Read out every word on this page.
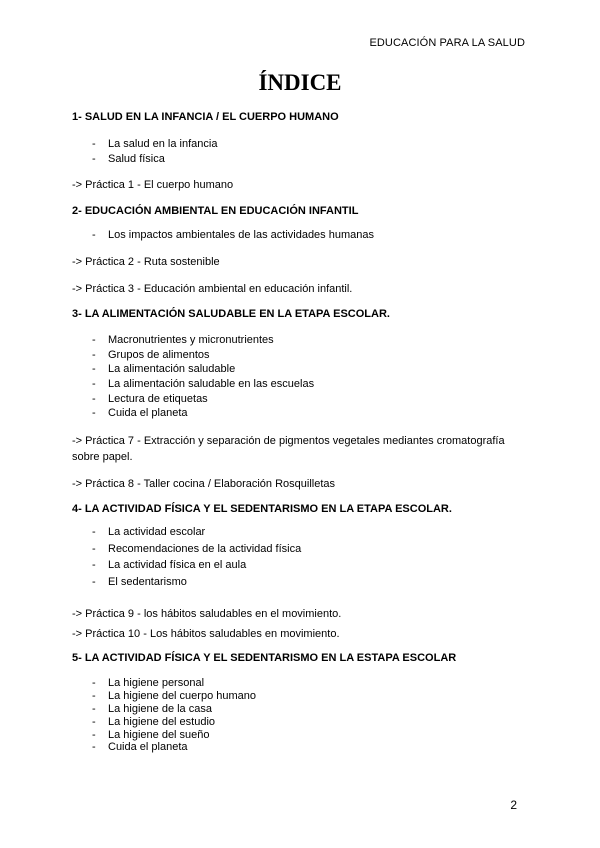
EDUCACIÓN PARA LA SALUD
ÍNDICE

1- SALUD EN LA INFANCIA / EL CUERPO HUMANO

- La salud en la infancia
- Salud física

-> Práctica 1 - El cuerpo humano

2- EDUCACIÓN AMBIENTAL EN EDUCACIÓN INFANTIL

- Los impactos ambientales de las actividades humanas

-> Práctica 2 - Ruta sostenible

-> Práctica 3 - Educación ambiental en educación infantil.

3- LA ALIMENTACIÓN SALUDABLE EN LA ETAPA ESCOLAR.

- Macronutrientes y micronutrientes
- Grupos de alimentos
- La alimentación saludable
- La alimentación saludable en las escuelas
- Lectura de etiquetas
- Cuida el planeta

-> Práctica 7 - Extracción y separación de pigmentos vegetales mediantes cromatografía sobre papel.

-> Práctica 8 - Taller cocina / Elaboración Rosquilletas

4- LA ACTIVIDAD FÍSICA Y EL SEDENTARISMO EN LA ETAPA ESCOLAR.

- La actividad escolar
- Recomendaciones de la actividad física
- La actividad física en el aula
- El sedentarismo

-> Práctica 9 - los hábitos saludables en el movimiento.

-> Práctica 10 - Los hábitos saludables en movimiento.

5- LA ACTIVIDAD FÍSICA Y EL SEDENTARISMO EN LA ESTAPA ESCOLAR

- La higiene personal
- La higiene del cuerpo humano
- La higiene de la casa
- La higiene del estudio
- La higiene del sueño
- Cuida el planeta
2
